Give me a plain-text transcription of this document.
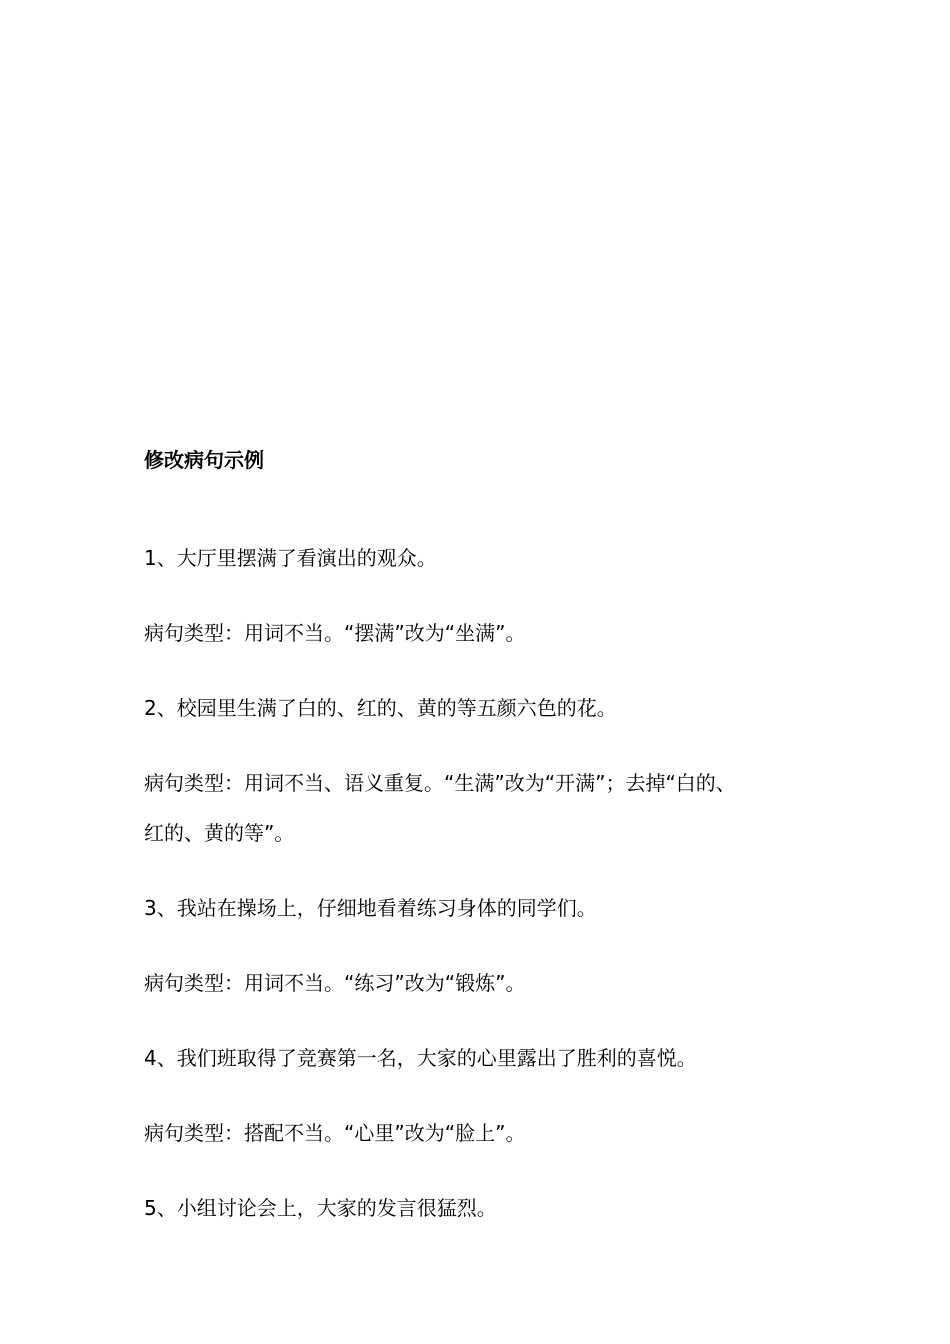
修改病句示例
1、大厅里摆满了看演出的观众。
病句类型：用词不当。“摆满”改为“坐满”。
2、校园里生满了白的、红的、黄的等五颜六色的花。
病句类型：用词不当、语义重复。“生满”改为“开满”；去掉“白的、
红的、黄的等”。
3、我站在操场上，仔细地看着练习身体的同学们。
病句类型：用词不当。“练习”改为“锻炼”。
4、我们班取得了竞赛第一名，大家的心里露出了胜利的喜悦。
病句类型：搭配不当。“心里”改为“脸上”。
5、小组讨论会上，大家的发言很猛烈。
